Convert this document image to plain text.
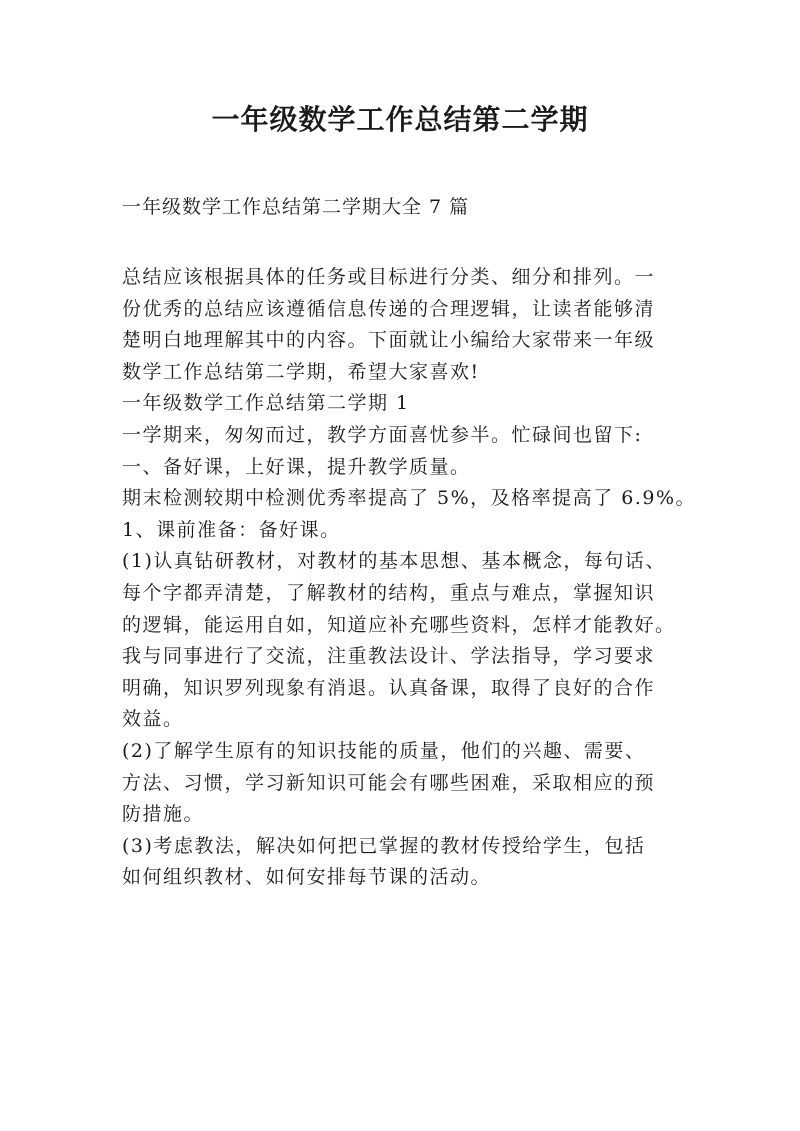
一年级数学工作总结第二学期
一年级数学工作总结第二学期大全 7 篇
总结应该根据具体的任务或目标进行分类、细分和排列。一
份优秀的总结应该遵循信息传递的合理逻辑，让读者能够清
楚明白地理解其中的内容。下面就让小编给大家带来一年级
数学工作总结第二学期，希望大家喜欢!
一年级数学工作总结第二学期 1
一学期来，匆匆而过，教学方面喜忧参半。忙碌间也留下:
一、备好课，上好课，提升教学质量。
期末检测较期中检测优秀率提高了 5%，及格率提高了 6.9%。
1、课前准备：备好课。
(1)认真钻研教材，对教材的基本思想、基本概念，每句话、
每个字都弄清楚，了解教材的结构，重点与难点，掌握知识
的逻辑，能运用自如，知道应补充哪些资料，怎样才能教好。
我与同事进行了交流，注重教法设计、学法指导，学习要求
明确，知识罗列现象有消退。认真备课，取得了良好的合作
效益。
(2)了解学生原有的知识技能的质量，他们的兴趣、需要、
方法、习惯，学习新知识可能会有哪些困难，采取相应的预
防措施。
(3)考虑教法，解决如何把已掌握的教材传授给学生，包括
如何组织教材、如何安排每节课的活动。
